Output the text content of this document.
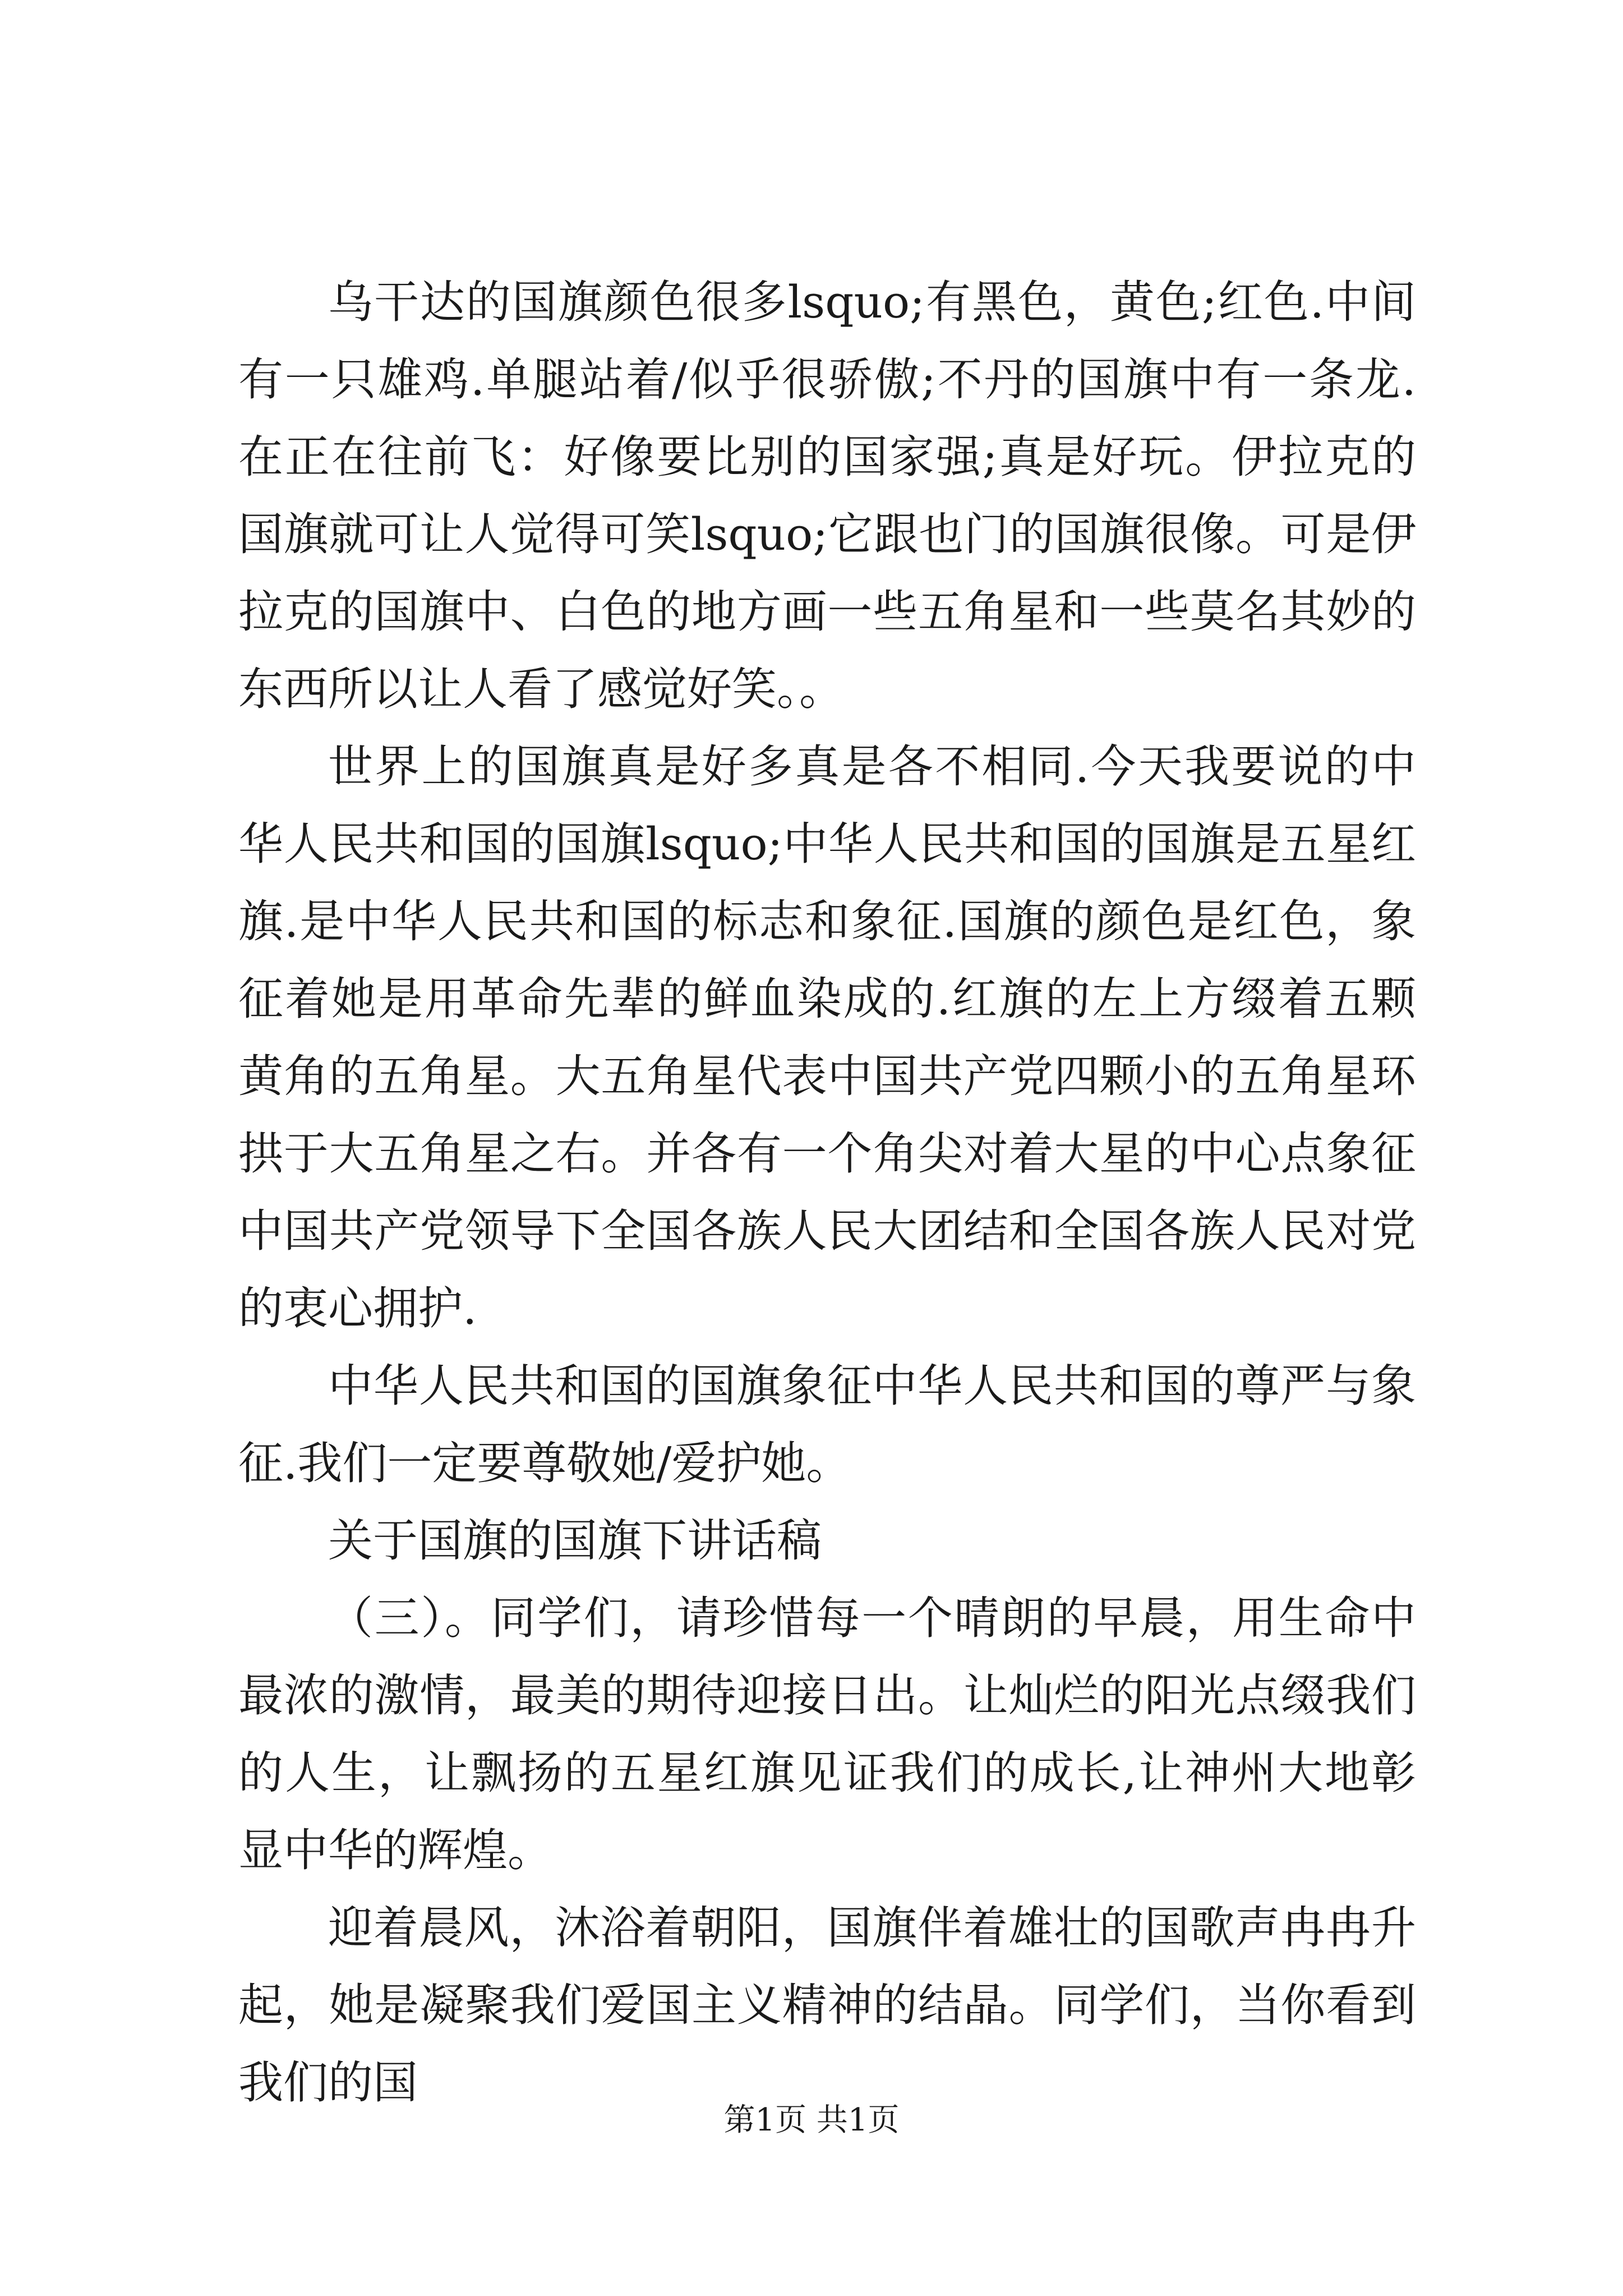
乌干达的国旗颜色很多lsquo;有黑色，黄色;红色.中间有一只雄鸡.单腿站着/似乎很骄傲;不丹的国旗中有一条龙.在正在往前飞：好像要比别的国家强;真是好玩。伊拉克的国旗就可让人觉得可笑lsquo;它跟也门的国旗很像。可是伊拉克的国旗中、白色的地方画一些五角星和一些莫名其妙的东西所以让人看了感觉好笑。。

世界上的国旗真是好多真是各不相同.今天我要说的中华人民共和国的国旗lsquo;中华人民共和国的国旗是五星红旗.是中华人民共和国的标志和象征.国旗的颜色是红色，象征着她是用革命先辈的鲜血染成的.红旗的左上方缀着五颗黄角的五角星。大五角星代表中国共产党四颗小的五角星环拱于大五角星之右。并各有一个角尖对着大星的中心点象征中国共产党领导下全国各族人民大团结和全国各族人民对党的衷心拥护.

中华人民共和国的国旗象征中华人民共和国的尊严与象征.我们一定要尊敬她/爱护她。

关于国旗的国旗下讲话稿

（三）。同学们，请珍惜每一个晴朗的早晨，用生命中最浓的激情，最美的期待迎接日出。让灿烂的阳光点缀我们的人生，让飘扬的五星红旗见证我们的成长,让神州大地彰显中华的辉煌。

迎着晨风，沐浴着朝阳，国旗伴着雄壮的国歌声冉冉升起，她是凝聚我们爱国主义精神的结晶。同学们，当你看到我们的国

第1页 共1页
